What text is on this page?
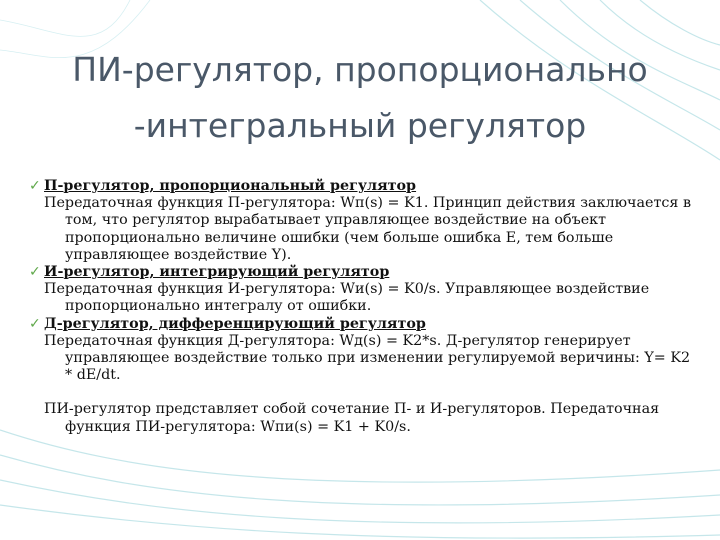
ПИ-регулятор, пропорционально
-интегральный регулятор

✓ П-регулятор, пропорциональный регулятор

Передаточная функция П-регулятора: Wп(s) = K1. Принцип действия заключается в том, что регулятор вырабатывает управляющее воздействие на объект пропорционально величине ошибки (чем больше ошибка E, тем больше управляющее воздействие Y).

✓ И-регулятор, интегрирующий регулятор

Передаточная функция И-регулятора: Wи(s) = K0/s. Управляющее воздействие пропорционально интегралу от ошибки.

✓ Д-регулятор, дифференцирующий регулятор

Передаточная функция Д-регулятора: Wд(s) = K2*s. Д-регулятор генерирует управляющее воздействие только при изменении регулируемой веричины: Y= K2 * dE/dt.

ПИ-регулятор представляет собой сочетание П- и И-регуляторов. Передаточная функция ПИ-регулятора: Wпи(s) = K1 + K0/s.
